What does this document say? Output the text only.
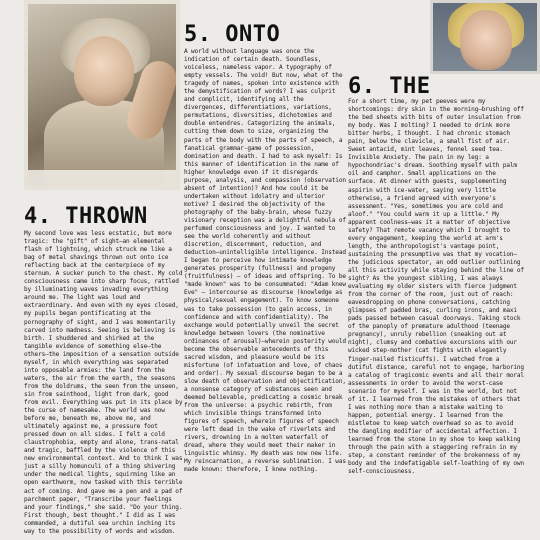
5. ONTO
A world without language was once the indication of certain death. Soundless, voiceless, nameless vapor. A typography of empty vessels. The void! But now, what of the tragedy of names, spoken into existence with the demystification of words? I was culprit and complicit, identifying all the divergences, differentiations, variations, permutations, diversities, dichotomies and double entendres. Categorizing the animals, cutting them down to size, organizing the parts of the body with the parts of speech, a fanatical grammar-game of possession, domination and death. I had to ask myself: Is this manner of identification in the name of higher knowledge even if it disregards purpose, analysis, and compassion (observation absent of intention)? And how could it be undertaken without idolatry and ulterior motive? I desired the objectivity of the photography of the baby-brain, whose fuzzy visionary reception was a delightful nebula of perfumed consciousness and joy. I wanted to see the world coherently and without discretion, discernment, reduction, and deduction—unintelligible intelligence. Instead I began to perceive how intimate knowledge generates prosperity (fullness) and progeny (fruitfulness) — of ideas and offspring. To be "made known" was to be consummated: "Adam knew Eve" — intercourse as discourse (knowledge as physical/sexual engagement). To know someone was to take possession (to gain access, in confidence and with confidentiality). The exchange would potentially unveil the secret knowledge between lovers (the nominative ordinances of arousal)—wherein posterity would become the observable antecedents of this sacred wisdom, and pleasure would be its misfortune (of infatuation and love, of chaos and order). My sexual discourse began to be a slow death of observation and objectification, a nonsense category of substances seen and deemed believable, predicating a cosmic break from the universe: a psychic rebirth, from which invisible things transformed into figures of speech, wherein figures of speech were left dead in the wake of riverlets and rivers, drowning in a molten waterfall of dread, where they would meet their maker in linguistic whimsy. My death was now new life. My reincarnation, a reverse sublimation. I was made known: therefore, I knew nothing.
6. THE
For a short time, my pet peeves were my shortcomings: dry skin in the morning—brushing off the bed sheets with bits of outer insulation from my body. Was I molting? I needed to drink more bitter herbs, I thought. I had chronic stomach pain, below the clavicle, a small fist of air. Sweet antacid, mint leaves, fennel seed tea. Invisible Anxiety. The pain in my leg: a hypochondriac's dream. Soothing myself with palm oil and camphor. Small applications on the surface. At dinner with guests, supplementing aspirin with ice-water, saying very little otherwise, a friend agreed with everyone's assessment. "Yes, sometimes you are cold and aloof." "You could warm it up a little." My apparent coolness—was it a matter of objective safety? That remote vacancy which I brought to every engagement, keeping the world at arm's length, the anthropologist's vantage point, sustaining the presumptive was that my vocation—the judicious spectator, an odd outlier outlining all this activity while staying behind the line of sight? As the youngest sibling, I was always evaluating my older sisters with fierce judgment from the corner of the room, just out of reach: eavesdropping on phone conversations, catching glimpses of padded bras, curling irons, and maxi pads passed between casual doorways. Taking stock of the panoply of premature adulthood (teenage pregnancy), unruly rebellion (sneaking out at night), clumsy and combative excursions with our wicked step-mother (cat fights with elegantly finger-nailed fisticuffs). I watched from a dutiful distance, careful not to engage, harboring a catalog of tragicomic events and all their moral assessments in order to avoid the worst-case scenario for myself. I was in the world, but not of it. I learned from the mistakes of others that I was nothing more than a mistake waiting to happen, potential energy. I learned from the mistletoe to keep watch overhead so as to avoid the dangling modifier of accidental affection. I learned from the stone in my shoe to keep walking through the pain with a staggering refrain in my step, a constant reminder of the brokenness of my body and the indefatigable self-loathing of my own self-consciousness.
4. THROWN
My second love was less ecstatic, but more tragic: the "gift" of sight—an elemental flash of lightning, which struck me like a bag of metal shavings thrown out onto ice reflecting back at the centerpiece of my sternum. A sucker punch to the chest. My cold consciousness came into sharp focus, rattled by illuminating waves invading everything around me. The light was loud and extraordinary. And even with my eyes closed, my pupils began pontificating at the pornography of sight, and I was momentarily carved into madness. Seeing is believing is birth. I shuddered and shirked at the tangible evidence of something else—the others—the imposition of a sensation outside myself, in which everything was separated into opposable armies: the land from the waters, the air from the earth, the seasons from the doldrums, the seen from the unseen, sin from sainthood, light from dark, good from evil. Everything was put in its place by the curse of namesake. The world was now before me, beneath me, above me, and ultimately against me, a pressure foot pressed down on all sides. I felt a cold claustrophobia, empty and alone, trans-natal and tragic, baffled by the violence of this new environmental context. And to think I was just a silly homunculi of a thing shivering under the medical lights, squirming like an open earthworm, now tasked with this terrible act of coming. And gave me a pen and a pad of parchment paper, "Transcribe your feelings and your findings," she said. "Do your thing. First though, best thought." I did as I was commanded, a dutiful sea urchin inching its way to the possibility of words and wisdom.
